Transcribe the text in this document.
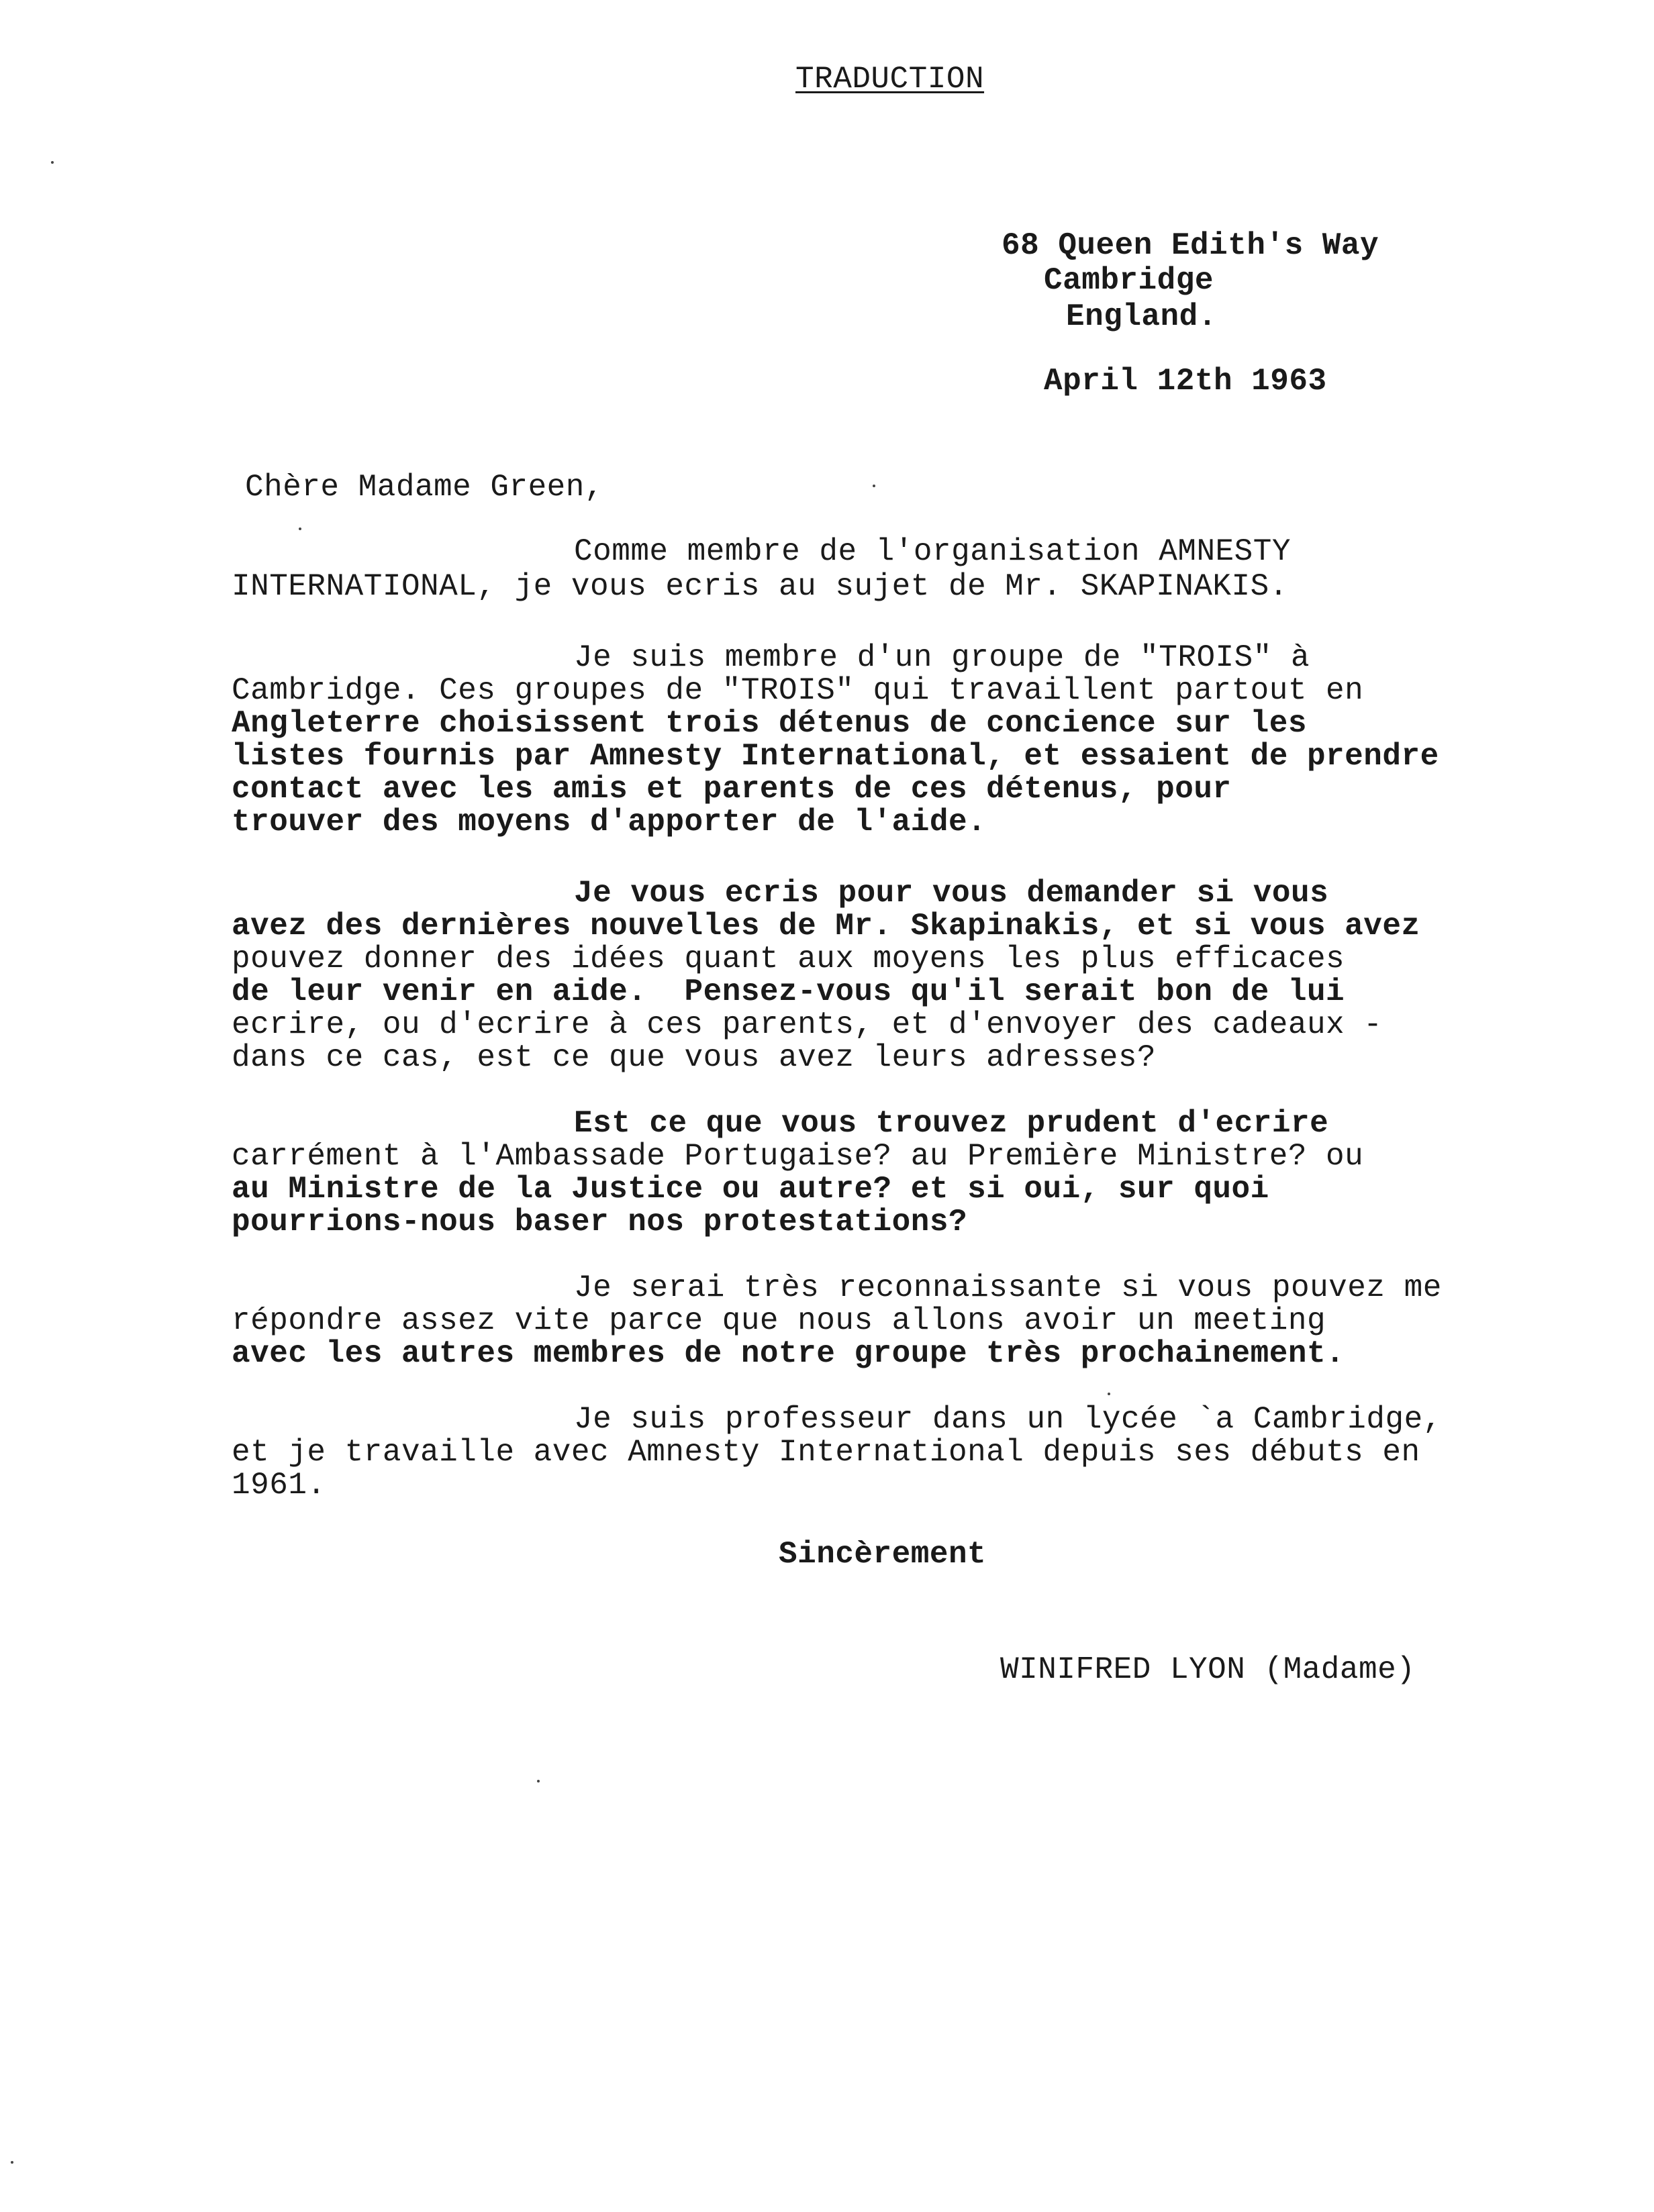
TRADUCTION
68 Queen Edith's Way
Cambridge
England.
April 12th 1963
Chère Madame Green,
Comme membre de l'organisation AMNESTY
INTERNATIONAL, je vous ecris au sujet de Mr. SKAPINAKIS.
Je suis membre d'un groupe de "TROIS" à
Cambridge. Ces groupes de "TROIS" qui travaillent partout en
Angleterre choisissent trois détenus de concience sur les
listes fournis par Amnesty International, et essaient de prendre
contact avec les amis et parents de ces détenus, pour
trouver des moyens d'apporter de l'aide.
Je vous ecris pour vous demander si vous
avez des dernières nouvelles de Mr. Skapinakis, et si vous avez
pouvez donner des idées quant aux moyens les plus efficaces
de leur venir en aide.  Pensez-vous qu'il serait bon de lui
ecrire, ou d'ecrire à ces parents, et d'envoyer des cadeaux -
dans ce cas, est ce que vous avez leurs adresses?
Est ce que vous trouvez prudent d'ecrire
carrément à l'Ambassade Portugaise? au Première Ministre? ou
au Ministre de la Justice ou autre? et si oui, sur quoi
pourrions-nous baser nos protestations?
Je serai très reconnaissante si vous pouvez me
répondre assez vite parce que nous allons avoir un meeting
avec les autres membres de notre groupe très prochainement.
Je suis professeur dans un lycée `a Cambridge,
et je travaille avec Amnesty International depuis ses débuts en
1961.
Sincèrement
WINIFRED LYON (Madame)
